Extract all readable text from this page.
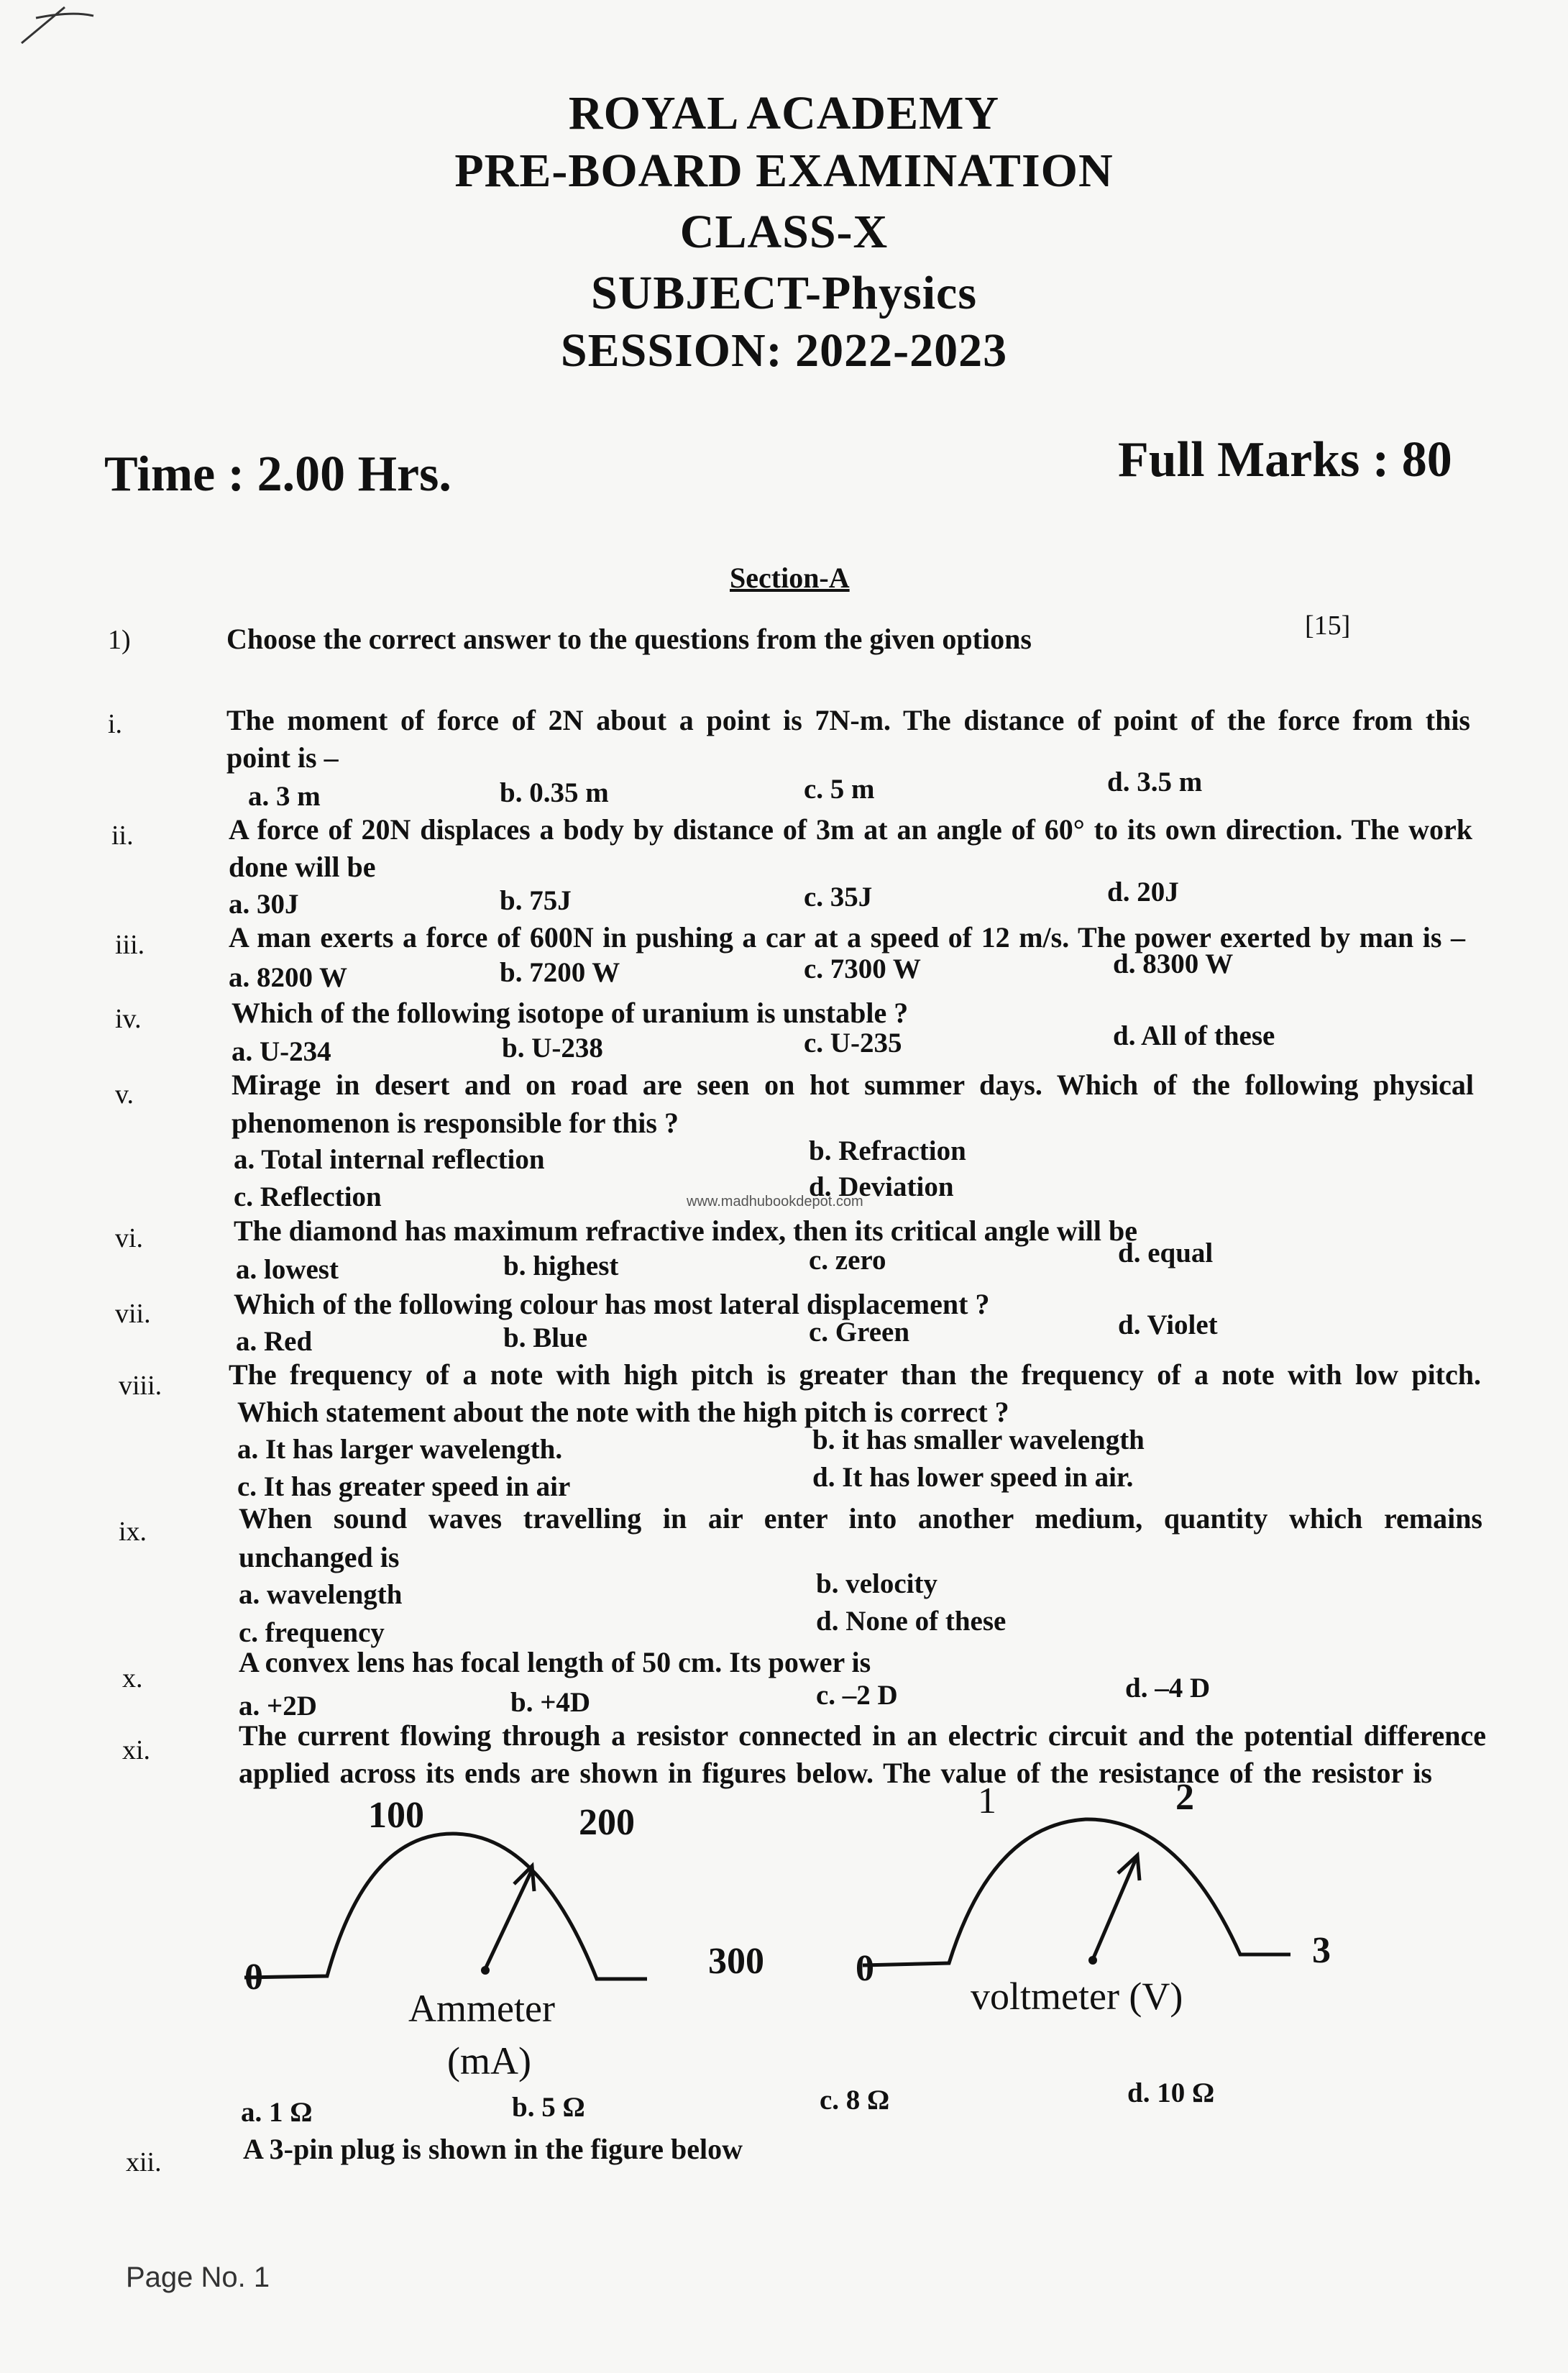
ROYAL ACADEMY
PRE-BOARD EXAMINATION
CLASS-X
SUBJECT-Physics
SESSION: 2022-2023
Time : 2.00 Hrs.	Full Marks : 80
Section-A
1)	Choose the correct answer to the questions from the given options	[15]
i.	The moment of force of 2N about a point is 7N-m. The distance of point of the force from this
point is –
a. 3 m	b. 0.35 m	c. 5 m	d. 3.5 m
ii.	A force of 20N displaces a body by distance of 3m at an angle of 60° to its own direction. The work
done will be
a. 30J	b. 75J	c. 35J	d. 20J
iii.	A man exerts a force of 600N in pushing a car at a speed of 12 m/s. The power exerted by man is –
a. 8200 W	b. 7200 W	c. 7300 W	d. 8300 W
iv.	Which of the following isotope of uranium is unstable ?
a. U-234	b. U-238	c. U-235	d. All of these
v.	Mirage in desert and on road are seen on hot summer days. Which of the following physical
phenomenon is responsible for this ?
a. Total internal reflection	b. Refraction
c. Reflection	d. Deviation
www.madhubookdepot.com
vi.	The diamond has maximum refractive index, then its critical angle will be
a. lowest	b. highest	c. zero	d. equal
vii.	Which of the following colour has most lateral displacement ?
a. Red	b. Blue	c. Green	d. Violet
viii. The frequency of a note with high pitch is greater than the frequency of a note with low pitch.
Which statement about the note with the high pitch is correct ?
a. It has larger wavelength.	b. it has smaller wavelength
c. It has greater speed in air	d. It has lower speed in air.
ix.	When sound waves travelling in air enter into another medium, quantity which remains
unchanged is
a. wavelength	b. velocity
c. frequency	d. None of these
x.	A convex lens has focal length of 50 cm. Its power is
a. +2D	b. +4D	c. –2 D	d. –4 D
xi.	The current flowing through a resistor connected in an electric circuit and the potential difference
applied across its ends are shown in figures below. The value of the resistance of the resistor is
0
100	200
300
Ammeter
(mA)
0
1	2
3
voltmeter (V)
a. 1 Ω	b. 5 Ω	c. 8 Ω	d. 10 Ω
xii.	A 3-pin plug is shown in the figure below
Page No. 1
